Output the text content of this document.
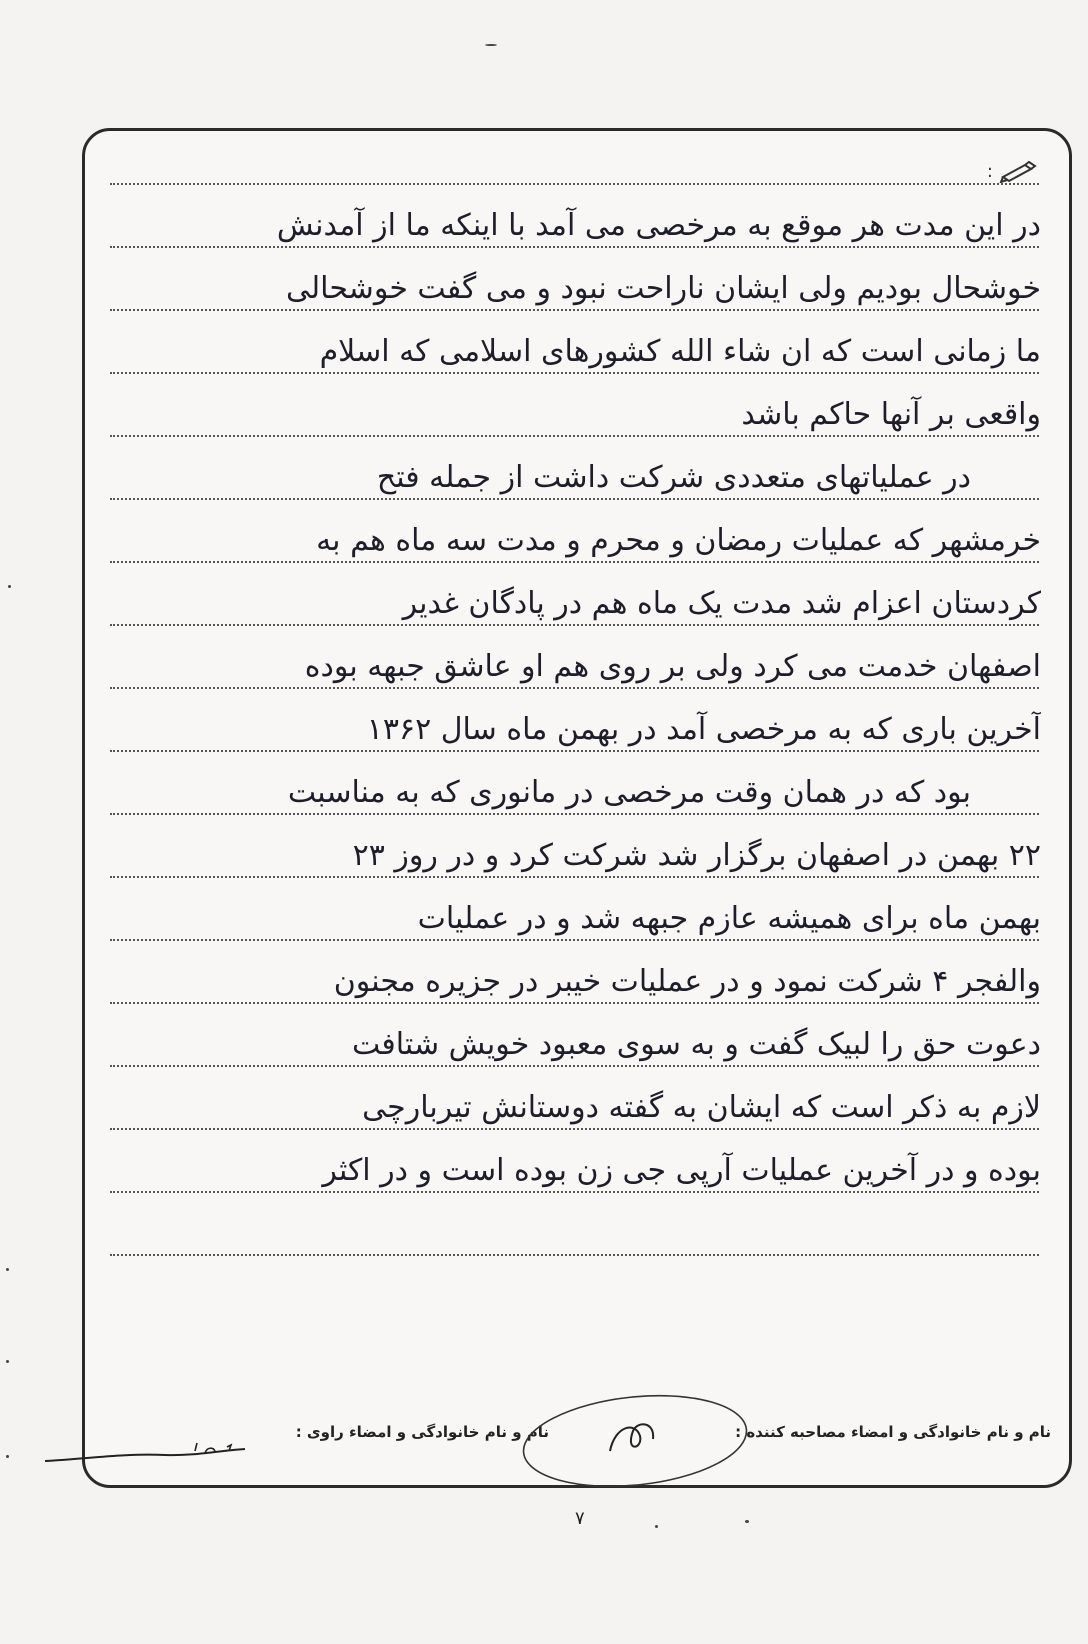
:
در این مدت هر موقع به مرخصی می آمد با اینکه ما از آمدنش
خوشحال بودیم ولی ایشان ناراحت نبود و می گفت خوشحالی
ما زمانی است که ان شاء الله کشورهای اسلامی که اسلام
واقعی بر آنها حاکم باشد
در عملیاتهای متعددی شرکت داشت از جمله فتح
خرمشهر که عملیات رمضان و محرم و مدت سه ماه هم به
کردستان اعزام شد مدت یک ماه هم در پادگان غدیر
اصفهان خدمت می کرد ولی بر روی هم او عاشق جبهه بوده
آخرین باری که به مرخصی آمد در بهمن ماه سال ۱۳۶۲
بود که در همان وقت مرخصی در مانوری که به مناسبت
۲۲ بهمن در اصفهان برگزار شد شرکت کرد و در روز ۲۳
بهمن ماه برای همیشه عازم جبهه شد و در عملیات
والفجر ۴ شرکت نمود و در عملیات خیبر در جزیره مجنون
دعوت حق را لبیک گفت و به سوی معبود خویش شتافت
لازم به ذکر است که ایشان به گفته دوستانش تیربارچی
بوده و در آخرین عملیات آرپی جی زن بوده است و در اکثر
نام و نام خانوادگی و امضاء مصاحبه کننده :
نام و نام خانوادگی و امضاء راوی :
۷
